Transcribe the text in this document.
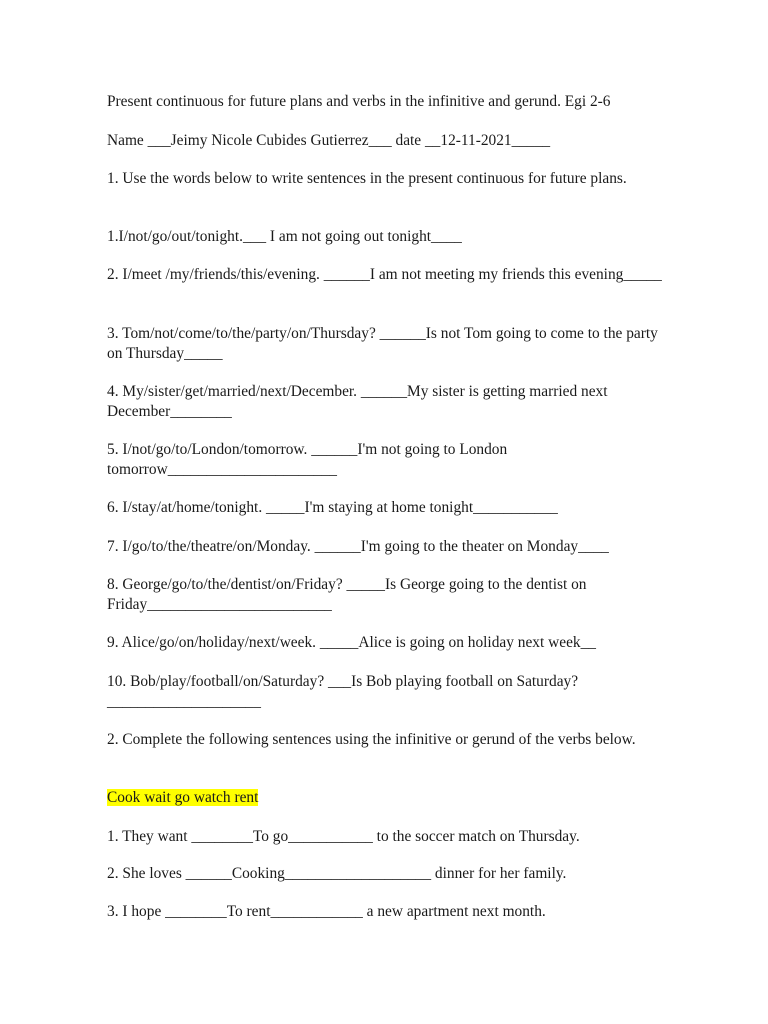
Present continuous for future plans and verbs in the infinitive and gerund. Egi 2-6
Name ___Jeimy Nicole Cubides Gutierrez___ date __12-11-2021_____
1. Use the words below to write sentences in the present continuous for future plans.
1.I/not/go/out/tonight.___ I am not going out tonight____
2. I/meet /my/friends/this/evening. ______I am not meeting my friends this evening_____
3. Tom/not/come/to/the/party/on/Thursday? ______Is not Tom going to come to the party on Thursday_____
4. My/sister/get/married/next/December. ______My sister is getting married next December________
5. I/not/go/to/London/tomorrow. ______I'm not going to London tomorrow______________________
6. I/stay/at/home/tonight. _____I'm staying at home tonight___________
7. I/go/to/the/theatre/on/Monday. ______I'm going to the theater on Monday____
8. George/go/to/the/dentist/on/Friday? _____Is George going to the dentist on Friday________________________
9. Alice/go/on/holiday/next/week. _____Alice is going on holiday next week__
10. Bob/play/football/on/Saturday? ___Is Bob playing football on Saturday? ____________________
2. Complete the following sentences using the infinitive or gerund of the verbs below.
Cook wait go watch rent
1. They want ________To go___________ to the soccer match on Thursday.
2. She loves ______Cooking___________________ dinner for her family.
3. I hope ________To rent____________ a new apartment next month.
